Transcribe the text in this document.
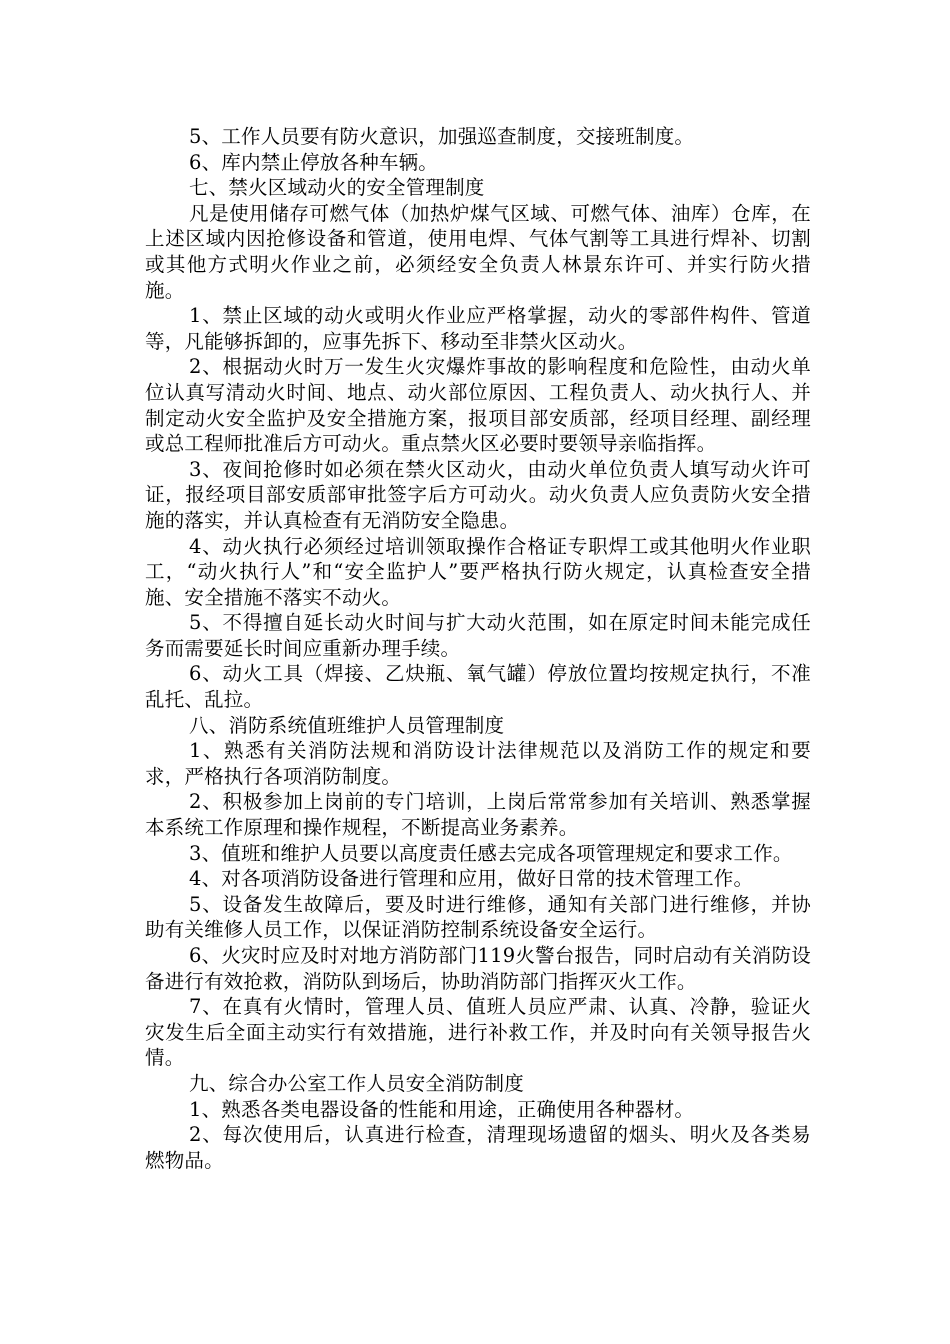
5、工作人员要有防火意识，加强巡查制度，交接班制度。

6、库内禁止停放各种车辆。

七、禁火区域动火的安全管理制度

凡是使用储存可燃气体（加热炉煤气区域、可燃气体、油库）仓库，在上述区域内因抢修设备和管道，使用电焊、气体气割等工具进行焊补、切割或其他方式明火作业之前，必须经安全负责人林景东许可、并实行防火措施。

1、禁止区域的动火或明火作业应严格掌握，动火的零部件构件、管道等，凡能够拆卸的，应事先拆下、移动至非禁火区动火。

2、根据动火时万一发生火灾爆炸事故的影响程度和危险性，由动火单位认真写清动火时间、地点、动火部位原因、工程负责人、动火执行人、并制定动火安全监护及安全措施方案，报项目部安质部，经项目经理、副经理或总工程师批准后方可动火。重点禁火区必要时要领导亲临指挥。

3、夜间抢修时如必须在禁火区动火，由动火单位负责人填写动火许可证，报经项目部安质部审批签字后方可动火。动火负责人应负责防火安全措施的落实，并认真检查有无消防安全隐患。

4、动火执行必须经过培训领取操作合格证专职焊工或其他明火作业职工，“动火执行人”和“安全监护人”要严格执行防火规定，认真检查安全措施、安全措施不落实不动火。

5、不得擅自延长动火时间与扩大动火范围，如在原定时间未能完成任务而需要延长时间应重新办理手续。

6、动火工具（焊接、乙炔瓶、氧气罐）停放位置均按规定执行，不准乱托、乱拉。

八、消防系统值班维护人员管理制度

1、熟悉有关消防法规和消防设计法律规范以及消防工作的规定和要求，严格执行各项消防制度。

2、积极参加上岗前的专门培训，上岗后常常参加有关培训、熟悉掌握本系统工作原理和操作规程，不断提高业务素养。

3、值班和维护人员要以高度责任感去完成各项管理规定和要求工作。

4、对各项消防设备进行管理和应用，做好日常的技术管理工作。

5、设备发生故障后，要及时进行维修，通知有关部门进行维修，并协助有关维修人员工作，以保证消防控制系统设备安全运行。

6、火灾时应及时对地方消防部门119火警台报告，同时启动有关消防设备进行有效抢救，消防队到场后，协助消防部门指挥灭火工作。

7、在真有火情时，管理人员、值班人员应严肃、认真、冷静，验证火灾发生后全面主动实行有效措施，进行补救工作，并及时向有关领导报告火情。

九、综合办公室工作人员安全消防制度

1、熟悉各类电器设备的性能和用途，正确使用各种器材。

2、每次使用后，认真进行检查，清理现场遗留的烟头、明火及各类易燃物品。
